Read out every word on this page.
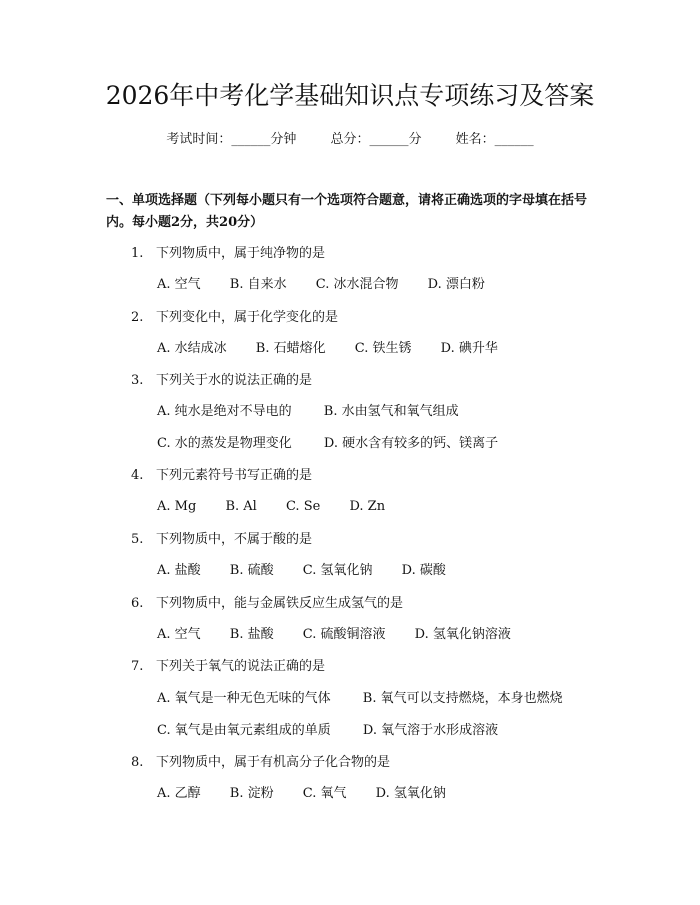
2026年中考化学基础知识点专项练习及答案
考试时间：______分钟	总分：______分	姓名：______
一、单项选择题（下列每小题只有一个选项符合题意，请将正确选项的字母填在括号内。每小题2分，共20分）
1. 下列物质中，属于纯净物的是
A. 空气 B. 自来水 C. 冰水混合物 D. 漂白粉
2. 下列变化中，属于化学变化的是
A. 水结成冰 B. 石蜡熔化 C. 铁生锈 D. 碘升华
3. 下列关于水的说法正确的是
A. 纯水是绝对不导电的 B. 水由氢气和氧气组成
C. 水的蒸发是物理变化 D. 硬水含有较多的钙、镁离子
4. 下列元素符号书写正确的是
A. Mg B. Al C. Se D. Zn
5. 下列物质中，不属于酸的是
A. 盐酸 B. 硫酸 C. 氢氧化钠 D. 碳酸
6. 下列物质中，能与金属铁反应生成氢气的是
A. 空气 B. 盐酸 C. 硫酸铜溶液 D. 氢氧化钠溶液
7. 下列关于氧气的说法正确的是
A. 氧气是一种无色无味的气体 B. 氧气可以支持燃烧，本身也燃烧
C. 氧气是由氧元素组成的单质 D. 氧气溶于水形成溶液
8. 下列物质中，属于有机高分子化合物的是
A. 乙醇 B. 淀粉 C. 氧气 D. 氢氧化钠
